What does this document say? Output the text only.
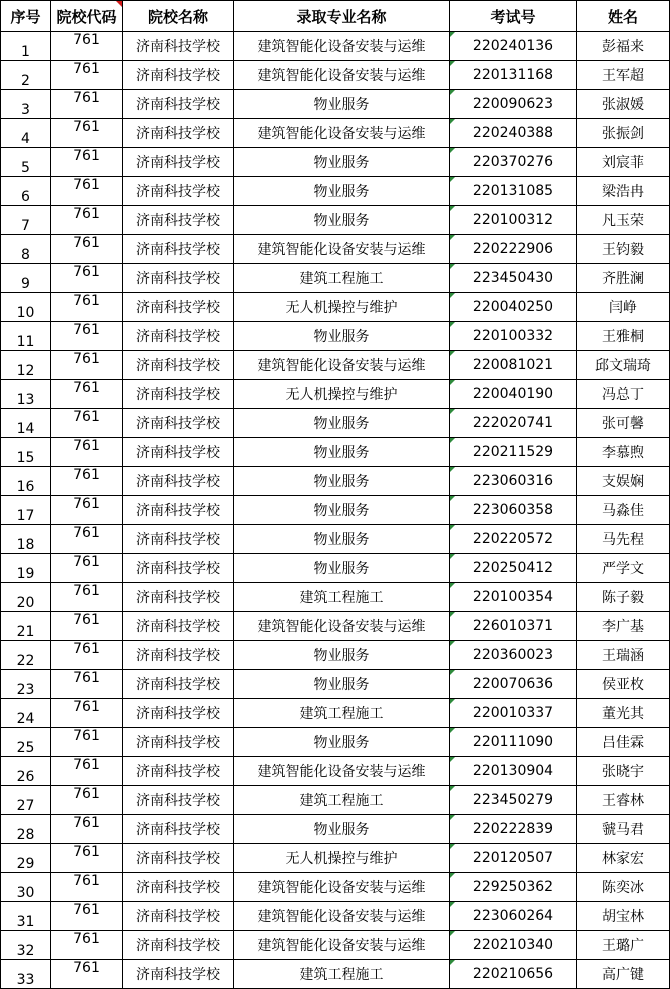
序号	院校代码	院校名称	录取专业名称	考试号	姓名
1	761	济南科技学校	建筑智能化设备安装与运维	220240136	彭福来
2	761	济南科技学校	建筑智能化设备安装与运维	220131168	王军超
3	761	济南科技学校	物业服务	220090623	张淑媛
4	761	济南科技学校	建筑智能化设备安装与运维	220240388	张振剑
5	761	济南科技学校	物业服务	220370276	刘宸菲
6	761	济南科技学校	物业服务	220131085	梁浩冉
7	761	济南科技学校	物业服务	220100312	凡玉荣
8	761	济南科技学校	建筑智能化设备安装与运维	220222906	王钧毅
9	761	济南科技学校	建筑工程施工	223450430	齐胜澜
10	761	济南科技学校	无人机操控与维护	220040250	闫峥
11	761	济南科技学校	物业服务	220100332	王雅桐
12	761	济南科技学校	建筑智能化设备安装与运维	220081021	邱文瑞琦
13	761	济南科技学校	无人机操控与维护	220040190	冯总丁
14	761	济南科技学校	物业服务	222020741	张可馨
15	761	济南科技学校	物业服务	220211529	李慕煦
16	761	济南科技学校	物业服务	223060316	支娱娴
17	761	济南科技学校	物业服务	223060358	马淼佳
18	761	济南科技学校	物业服务	220220572	马先程
19	761	济南科技学校	物业服务	220250412	严学文
20	761	济南科技学校	建筑工程施工	220100354	陈子毅
21	761	济南科技学校	建筑智能化设备安装与运维	226010371	李广基
22	761	济南科技学校	物业服务	220360023	王瑞涵
23	761	济南科技学校	物业服务	220070636	侯亚枚
24	761	济南科技学校	建筑工程施工	220010337	董光其
25	761	济南科技学校	物业服务	220111090	吕佳霖
26	761	济南科技学校	建筑智能化设备安装与运维	220130904	张晓宇
27	761	济南科技学校	建筑工程施工	223450279	王睿林
28	761	济南科技学校	物业服务	220222839	虢马君
29	761	济南科技学校	无人机操控与维护	220120507	林家宏
30	761	济南科技学校	建筑智能化设备安装与运维	229250362	陈奕冰
31	761	济南科技学校	建筑智能化设备安装与运维	223060264	胡宝林
32	761	济南科技学校	建筑智能化设备安装与运维	220210340	王璐广
33	761	济南科技学校	建筑工程施工	220210656	高广键
